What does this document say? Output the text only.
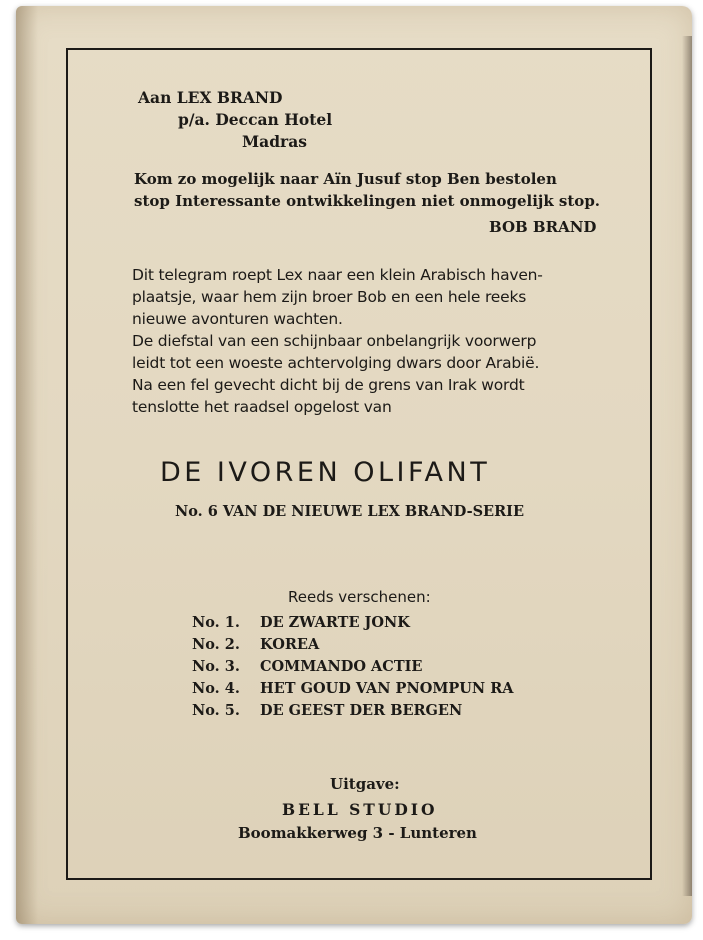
Aan LEX BRAND
p/a. Deccan Hotel
Madras
Kom zo mogelijk naar Aïn Jusuf stop Ben bestolen
stop Interessante ontwikkelingen niet onmogelijk stop.
BOB BRAND
Dit telegram roept Lex naar een klein Arabisch haven-
plaatsje, waar hem zijn broer Bob en een hele reeks
nieuwe avonturen wachten.
De diefstal van een schijnbaar onbelangrijk voorwerp
leidt tot een woeste achtervolging dwars door Arabië.
Na een fel gevecht dicht bij de grens van Irak wordt
tenslotte het raadsel opgelost van
DE IVOREN OLIFANT
No. 6 VAN DE NIEUWE LEX BRAND-SERIE
Reeds verschenen:
No. 1. DE ZWARTE JONK
No. 2. KOREA
No. 3. COMMANDO ACTIE
No. 4. HET GOUD VAN PNOMPUN RA
No. 5. DE GEEST DER BERGEN
Uitgave:
BELL STUDIO
Boomakkerweg 3 - Lunteren
